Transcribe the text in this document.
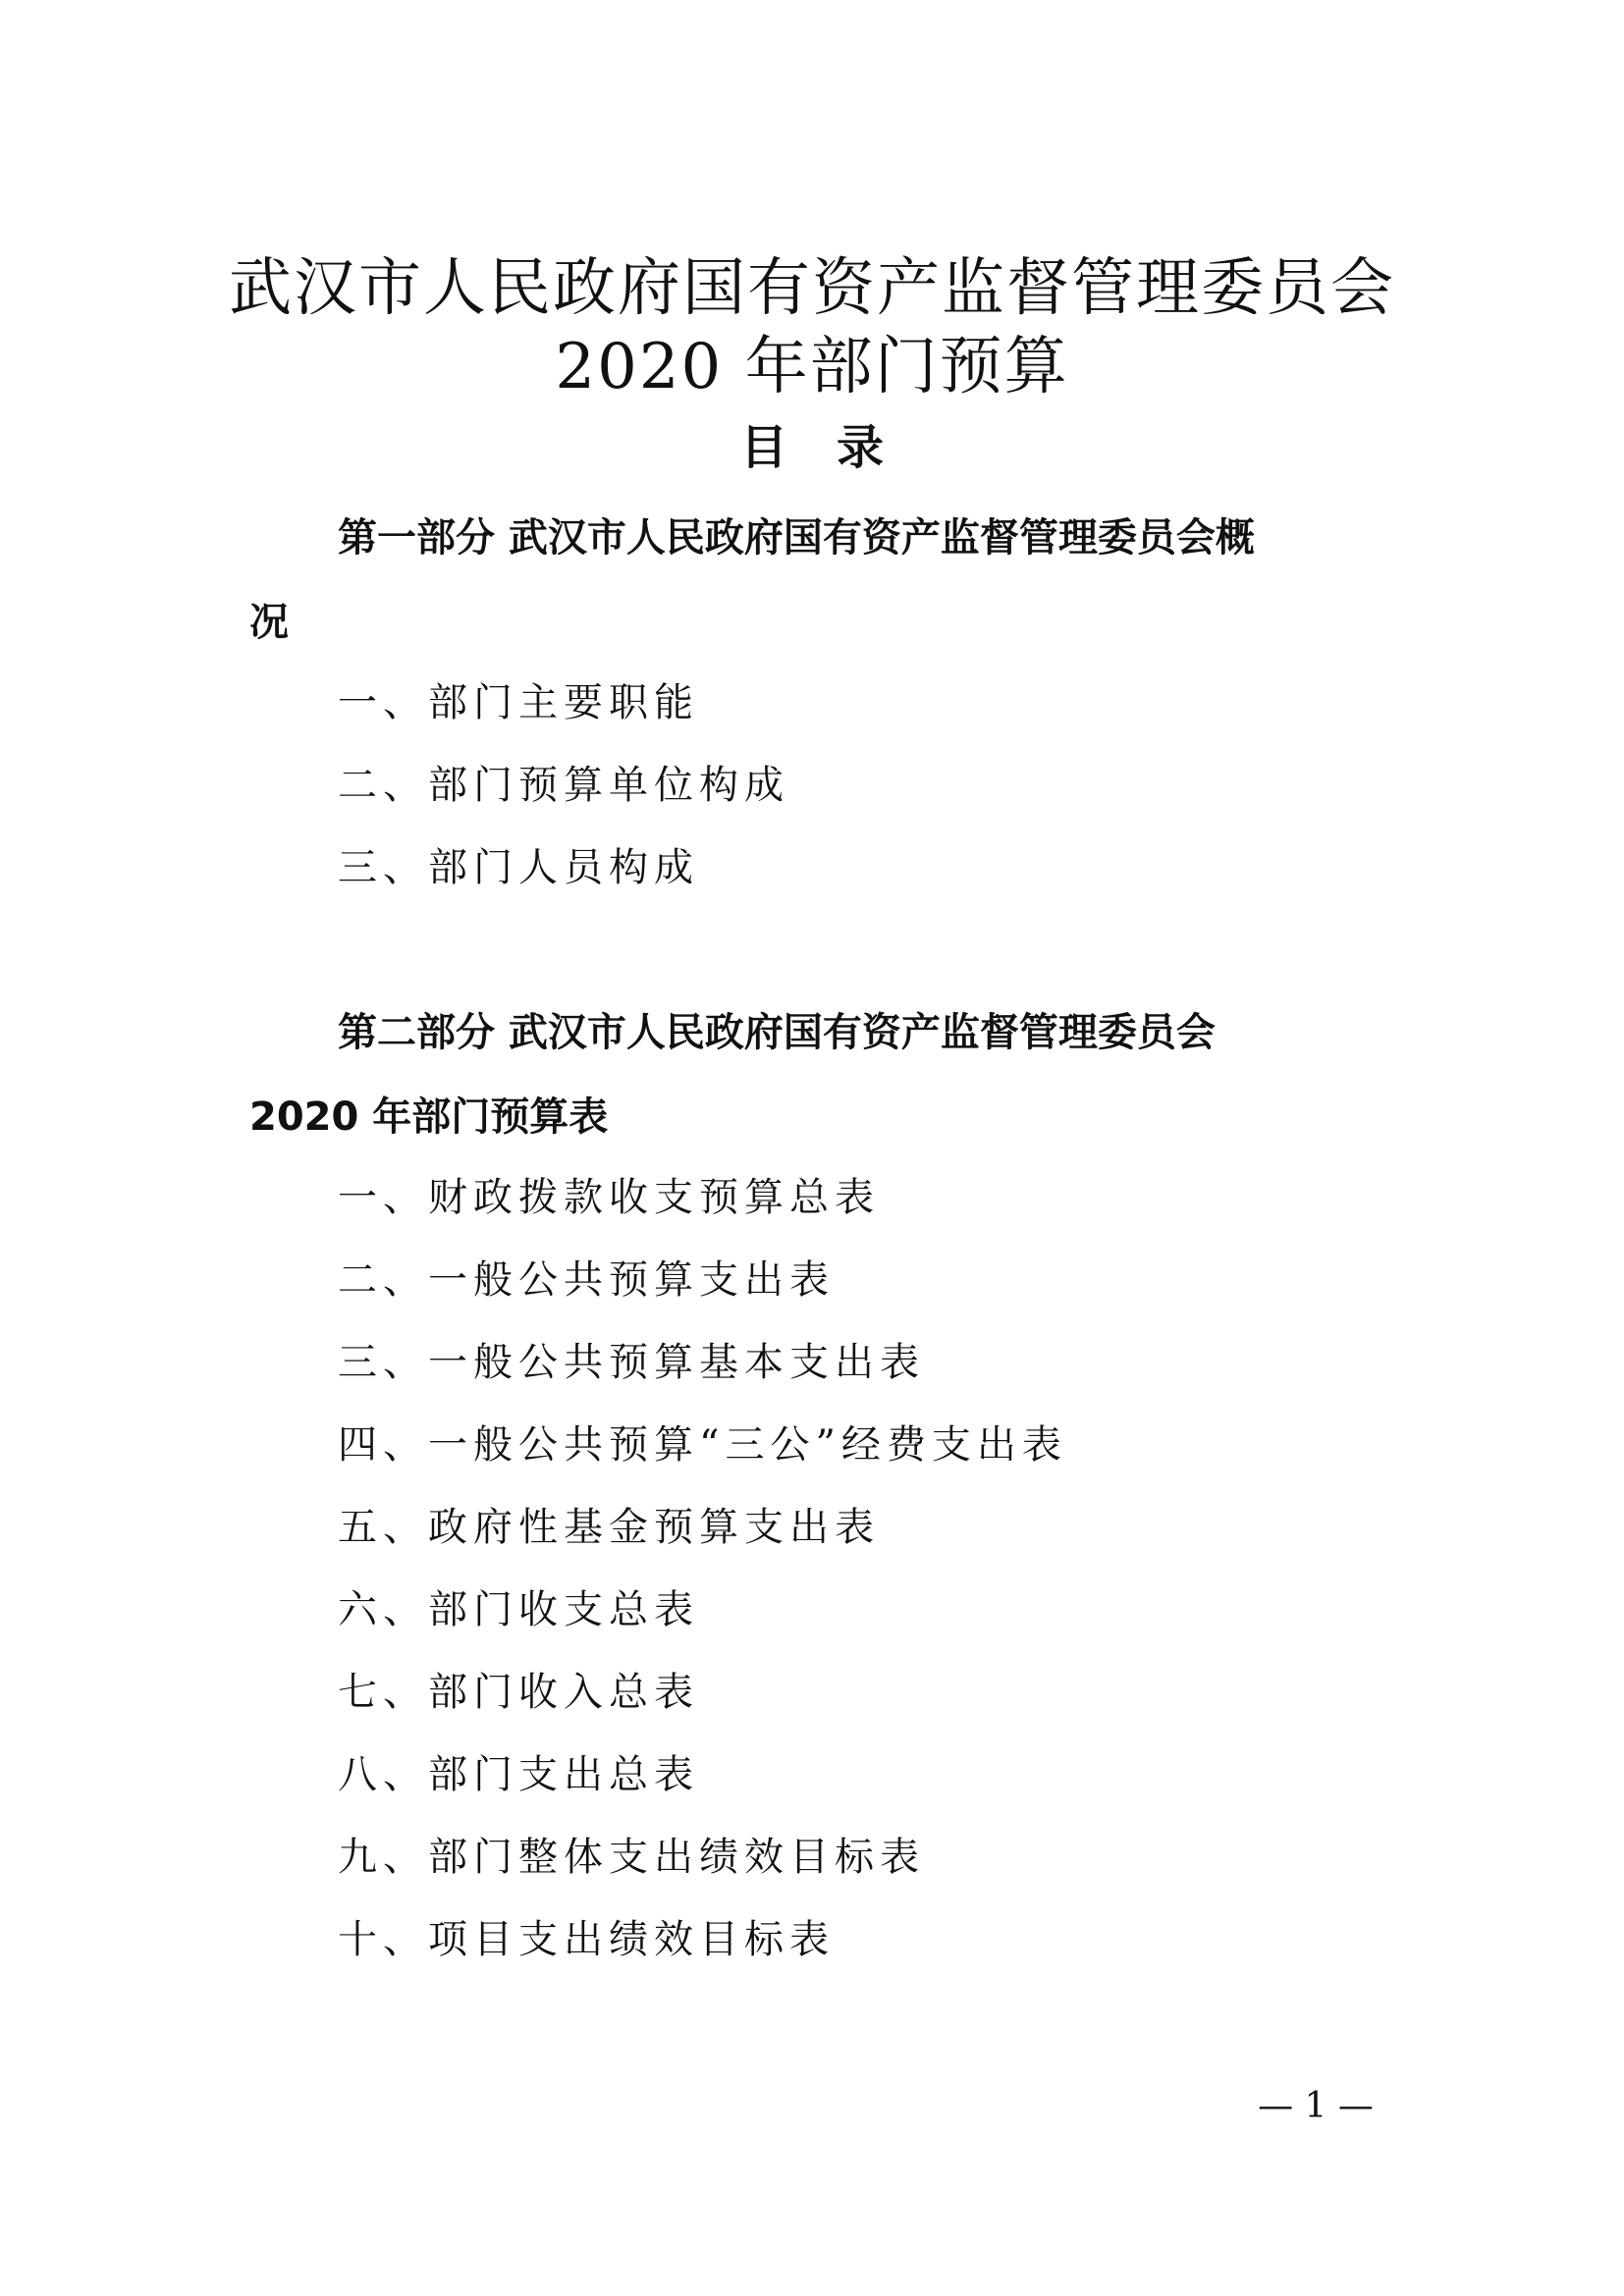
武汉市人民政府国有资产监督管理委员会
2020 年部门预算
目录
第一部分 武汉市人民政府国有资产监督管理委员会概
况
一、部门主要职能
二、部门预算单位构成
三、部门人员构成
第二部分 武汉市人民政府国有资产监督管理委员会
2020 年部门预算表
一、财政拨款收支预算总表
二、一般公共预算支出表
三、一般公共预算基本支出表
四、一般公共预算“三公”经费支出表
五、政府性基金预算支出表
六、部门收支总表
七、部门收入总表
八、部门支出总表
九、部门整体支出绩效目标表
十、项目支出绩效目标表
— 1 —
